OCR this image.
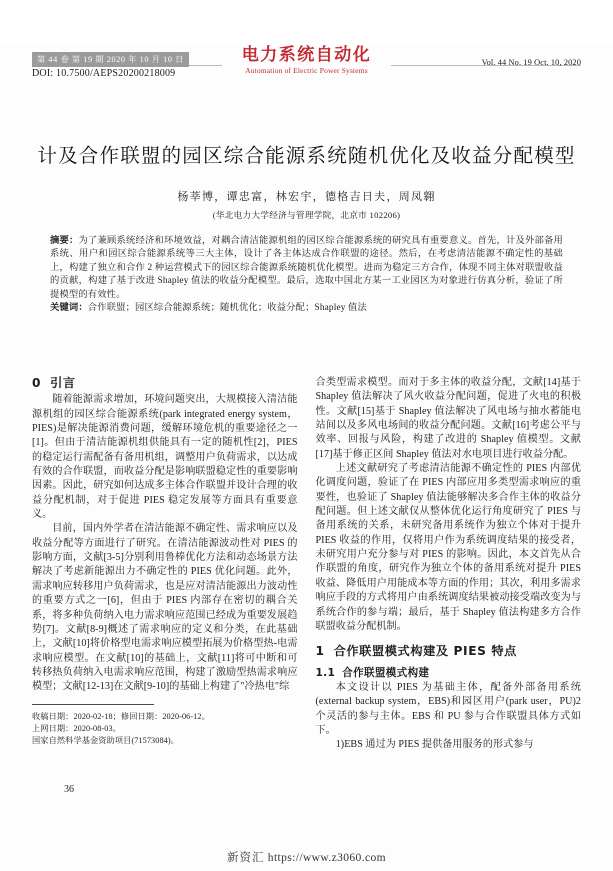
第 44 卷 第 19 期 2020 年 10 月 10 日
DOI: 10.7500/AEPS20200218009
电力系统自动化
Automation of Electric Power Systems
Vol. 44 No. 19 Oct. 10, 2020
计及合作联盟的园区综合能源系统随机优化及收益分配模型
杨莘博，谭忠富，林宏宇，德格吉日夫，周凤翱
(华北电力大学经济与管理学院，北京市 102206)

摘要：为了兼顾系统经济和环境效益，对耦合清洁能源机组的园区综合能源系统的研究具有重要意义。首先，计及外部备用系统、用户和园区综合能源系统等三大主体，设计了各主体达成合作联盟的途径。然后，在考虑清洁能源不确定性的基础上，构建了独立和合作 2 种运营模式下的园区综合能源系统随机优化模型。进而为稳定三方合作，体现不同主体对联盟收益的贡献，构建了基于改进 Shapley 值法的收益分配模型。最后，选取中国北方某一工业园区为对象进行仿真分析，验证了所提模型的有效性。

关键词：合作联盟；园区综合能源系统；随机优化；收益分配；Shapley 值法

0 引言

随着能源需求增加，环境问题突出，大规模接入清洁能源机组的园区综合能源系统(park integrated energy system，PIES)是解决能源消费问题，缓解环境危机的重要途径之一[1]。但由于清洁能源机组供能具有一定的随机性[2]，PIES 的稳定运行需配备有备用机组，调整用户负荷需求，以达成有效的合作联盟，而收益分配是影响联盟稳定性的重要影响因素。因此，研究如何达成多主体合作联盟并设计合理的收益分配机制，对于促进 PIES 稳定发展等方面具有重要意义。

目前，国内外学者在清洁能源不确定性、需求响应以及收益分配等方面进行了研究。在清洁能源波动性对 PIES 的影响方面，文献[3-5]分别利用鲁棒优化方法和动态场景方法解决了考虑新能源出力不确定性的 PIES 优化问题。此外，需求响应转移用户负荷需求，也是应对清洁能源出力波动性的重要方式之一[6]，但由于 PIES 内部存在密切的耦合关系，将多种负荷纳入电力需求响应范围已经成为重要发展趋势[7]。文献[8-9]概述了需求响应的定义和分类，在此基础上，文献[10]将价格型电需求响应模型拓展为价格型热-电需求响应模型。在文献[10]的基础上，文献[11]将可中断和可转移热负荷纳入电需求响应范围，构建了激励型热需求响应模型；文献[12-13]在文献[9-10]的基础上构建了"冷热电"综

收稿日期：2020-02-18；修回日期：2020-06-12。
上网日期：2020-08-03。
国家自然科学基金资助项目(71573084)。
36

合类型需求模型。而对于多主体的收益分配，文献[14]基于 Shapley 值法解决了风火收益分配问题，促进了火电的积极性。文献[15]基于 Shapley 值法解决了风电场与抽水蓄能电站间以及多风电场间的收益分配问题。文献[16]考虑公平与效率、回报与风险，构建了改进的 Shapley 值模型。文献[17]基于修正区间 Shapley 值法对水电项目进行收益分配。

上述文献研究了考虑清洁能源不确定性的 PIES 内部优化调度问题，验证了在 PIES 内部应用多类型需求响应的重要性，也验证了 Shapley 值法能够解决多合作主体的收益分配问题。但上述文献仅从整体优化运行角度研究了 PIES 与备用系统的关系，未研究备用系统作为独立个体对于提升 PIES 收益的作用，仅将用户作为系统调度结果的接受者，未研究用户充分参与对 PIES 的影响。因此，本文首先从合作联盟的角度，研究作为独立个体的备用系统对提升 PIES 收益、降低用户用能成本等方面的作用；其次，利用多需求响应手段的方式将用户由系统调度结果被动接受端改变为与系统合作的参与端；最后，基于 Shapley 值法构建多方合作联盟收益分配机制。

1 合作联盟模式构建及 PIES 特点
1.1 合作联盟模式构建

本文设计以 PIES 为基础主体，配备外部备用系统(external backup system，EBS)和园区用户(park user，PU)2 个灵活的参与主体。EBS 和 PU 参与合作联盟具体方式如下。

1)EBS 通过为 PIES 提供备用服务的形式参与

新资汇 https://www.z3060.com
